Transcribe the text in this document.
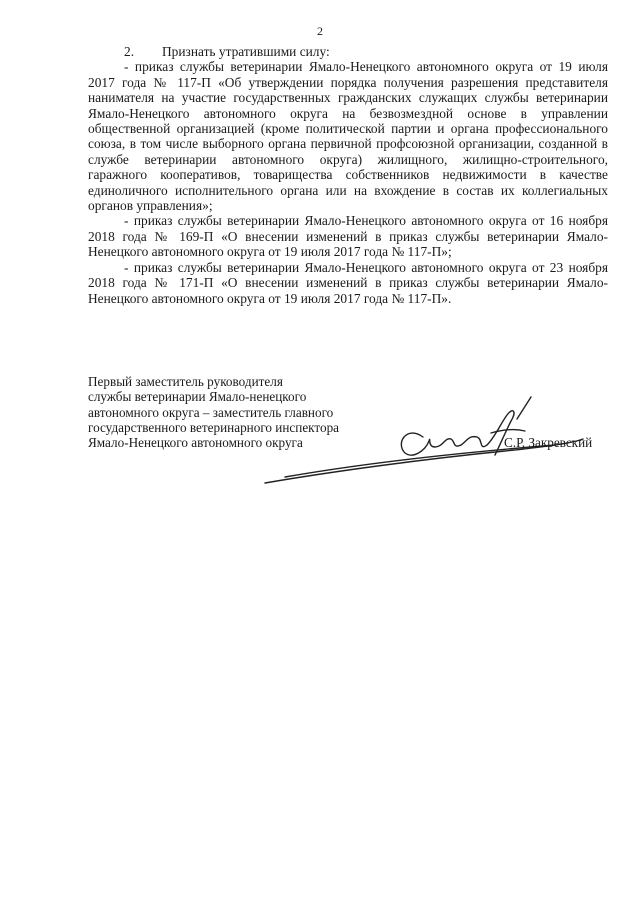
2

2. Признать утратившими силу:

- приказ службы ветеринарии Ямало-Ненецкого автономного округа от 19 июля 2017 года № 117-П «Об утверждении порядка получения разрешения представителя нанимателя на участие государственных гражданских служащих службы ветеринарии Ямало-Ненецкого автономного округа на безвозмездной основе в управлении общественной организацией (кроме политической партии и органа профессионального союза, в том числе выборного органа первичной профсоюзной организации, созданной в службе ветеринарии автономного округа) жилищного, жилищно-строительного, гаражного кооперативов, товарищества собственников недвижимости в качестве единоличного исполнительного органа или на вхождение в состав их коллегиальных органов управления»;

- приказ службы ветеринарии Ямало-Ненецкого автономного округа от 16 ноября 2018 года № 169-П «О внесении изменений в приказ службы ветеринарии Ямало-Ненецкого автономного округа от 19 июля 2017 года № 117-П»;

- приказ службы ветеринарии Ямало-Ненецкого автономного округа от 23 ноября 2018 года № 171-П «О внесении изменений в приказ службы ветеринарии Ямало-Ненецкого автономного округа от 19 июля 2017 года № 117-П».

Первый заместитель руководителя
службы ветеринарии Ямало-ненецкого
автономного округа – заместитель главного
государственного ветеринарного инспектора
Ямало-Ненецкого автономного округа	С.Р. Закревский
